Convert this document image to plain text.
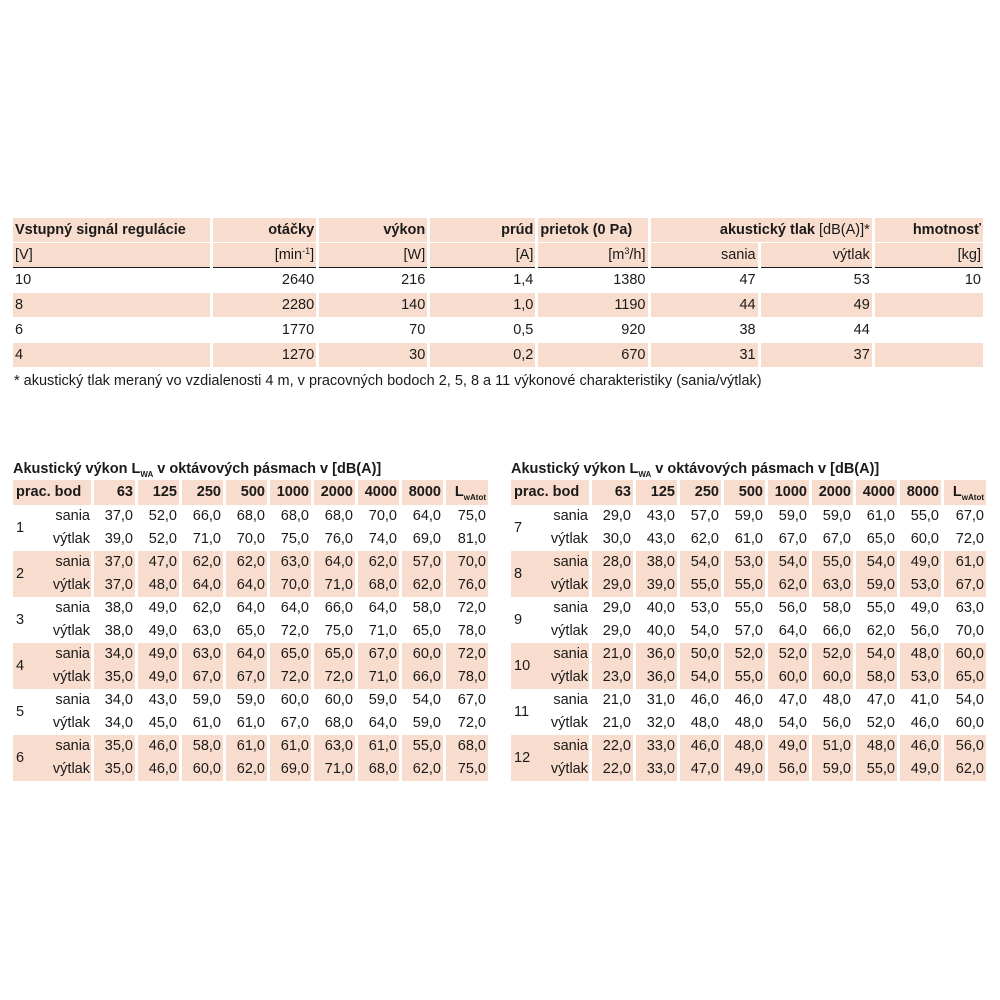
Vstupný signál regulácie	otáčky	výkon	prúd	prietok (0 Pa)	akustický tlak [dB(A)]*		hmotnosť
[V]	$[\min^{-1}]$	[W]	[A]	$[m^3/h]$	sania	výtlak	[kg]
10	2640	216	1,4	1380	47	53	10
8	2280	140	1,0	1190	44	49	
6	1770	70	0,5	920	38	44	
4	1270	30	0,2	670	31	37	
* akustický tlak meraný vo vzdialenosti 4 m, v pracovných bodoch 2, 5, 8 a 11 výkonové charakteristiky (sania/výtlak)
Akustický výkon $L_{WA}$ v oktávových pásmach v [dB(A)]
prac. bod	63	125	250	500	1000	2000	4000	8000	$L_{wAtot}$
1	sania 37,0	52,0	66,0	68,0	68,0	68,0	70,0	64,0	75,0

	výtlak 39,0	52,0	71,0	70,0	75,0	76,0	74,0	69,0	81,0
2	sania 37,0	47,0	62,0	62,0	63,0	64,0	62,0	57,0	70,0

	výtlak 37,0	48,0	64,0	64,0	70,0	71,0	68,0	62,0	76,0
3	sania 38,0	49,0	62,0	64,0	64,0	66,0	64,0	58,0	72,0

	výtlak 38,0	49,0	63,0	65,0	72,0	75,0	71,0	65,0	78,0
4	sania 34,0	49,0	63,0	64,0	65,0	65,0	67,0	60,0	72,0

	výtlak 35,0	49,0	67,0	67,0	72,0	72,0	71,0	66,0	78,0
5	sania 34,0	43,0	59,0	59,0	60,0	60,0	59,0	54,0	67,0

	výtlak 34,0	45,0	61,0	61,0	67,0	68,0	64,0	59,0	72,0
6	sania 35,0	46,0	58,0	61,0	61,0	63,0	61,0	55,0	68,0

	výtlak 35,0	46,0	60,0	62,0	69,0	71,0	68,0	62,0	75,0
Akustický výkon $L_{WA}$ v oktávových pásmach v [dB(A)]
prac. bod	63	125	250	500	1000	2000	4000	8000	$L_{wAtot}$
7	sania 29,0	43,0	57,0	59,0	59,0	59,0	61,0	55,0	67,0

	výtlak 30,0	43,0	62,0	61,0	67,0	67,0	65,0	60,0	72,0
8	sania 28,0	38,0	54,0	53,0	54,0	55,0	54,0	49,0	61,0

	výtlak 29,0	39,0	55,0	55,0	62,0	63,0	59,0	53,0	67,0
9	sania 29,0	40,0	53,0	55,0	56,0	58,0	55,0	49,0	63,0

	výtlak 29,0	40,0	54,0	57,0	64,0	66,0	62,0	56,0	70,0
10	sania 21,0	36,0	50,0	52,0	52,0	52,0	54,0	48,0	60,0

	výtlak 23,0	36,0	54,0	55,0	60,0	60,0	58,0	53,0	65,0
11	sania 21,0	31,0	46,0	46,0	47,0	48,0	47,0	41,0	54,0

	výtlak 21,0	32,0	48,0	48,0	54,0	56,0	52,0	46,0	60,0
12	sania 22,0	33,0	46,0	48,0	49,0	51,0	48,0	46,0	56,0

	výtlak 22,0	33,0	47,0	49,0	56,0	59,0	55,0	49,0	62,0
